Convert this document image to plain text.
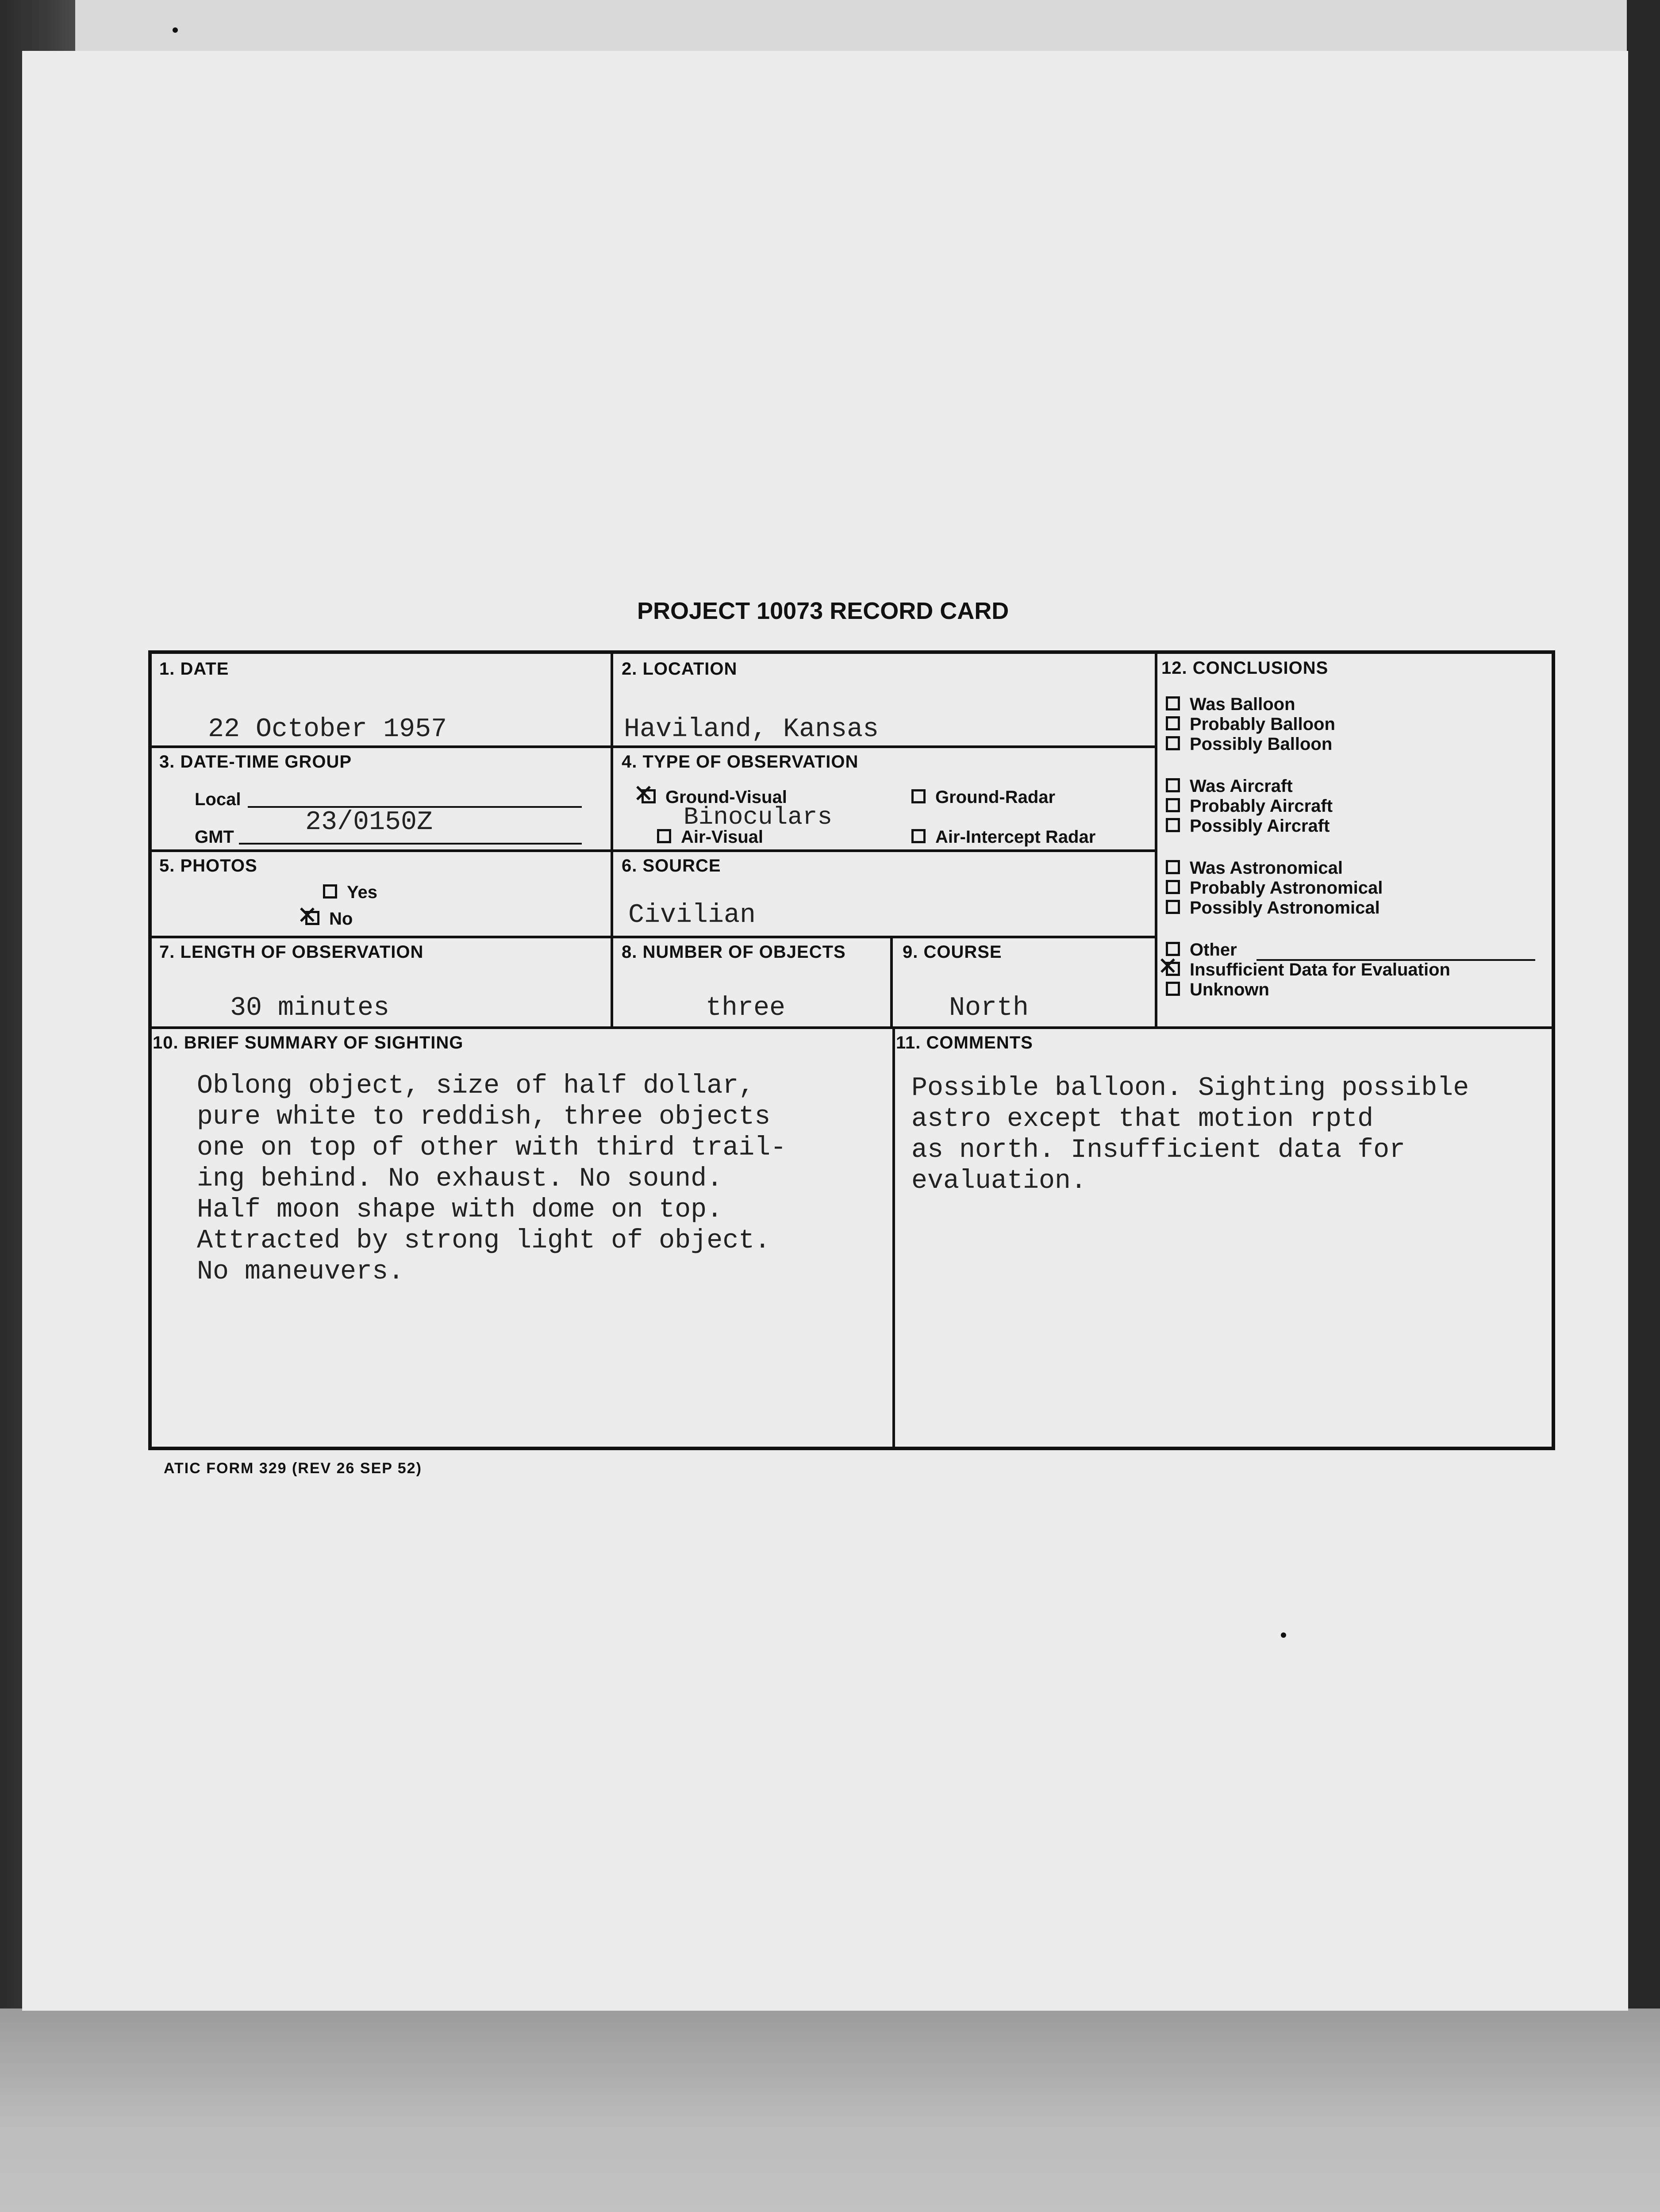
PROJECT 10073 RECORD CARD
1. DATE
22 October 1957
2. LOCATION
Haviland, Kansas
3. DATE-TIME GROUP
Local
GMT	23/0150Z
4. TYPE OF OBSERVATION
✕Ground-Visual	Ground-Radar
Binoculars
Air-Visual	Air-Intercept Radar
5. PHOTOS
Yes
✕No
6. SOURCE
Civilian
7. LENGTH OF OBSERVATION
30 minutes
8. NUMBER OF OBJECTS
three
9. COURSE
North
10. BRIEF SUMMARY OF SIGHTING
Oblong object, size of half dollar,
pure white to reddish, three objects
one on top of other with third trail-
ing behind. No exhaust. No sound.
Half moon shape with dome on top.
Attracted by strong light of object.
No maneuvers.
11. COMMENTS
Possible balloon. Sighting possible
astro except that motion rptd
as north. Insufficient data for
evaluation.
12. CONCLUSIONS
Was Balloon
Probably Balloon
Possibly Balloon
Was Aircraft
Probably Aircraft
Possibly Aircraft
Was Astronomical
Probably Astronomical
Possibly Astronomical
Other
✕Insufficient Data for Evaluation
Unknown
ATIC FORM 329 (REV 26 SEP 52)
